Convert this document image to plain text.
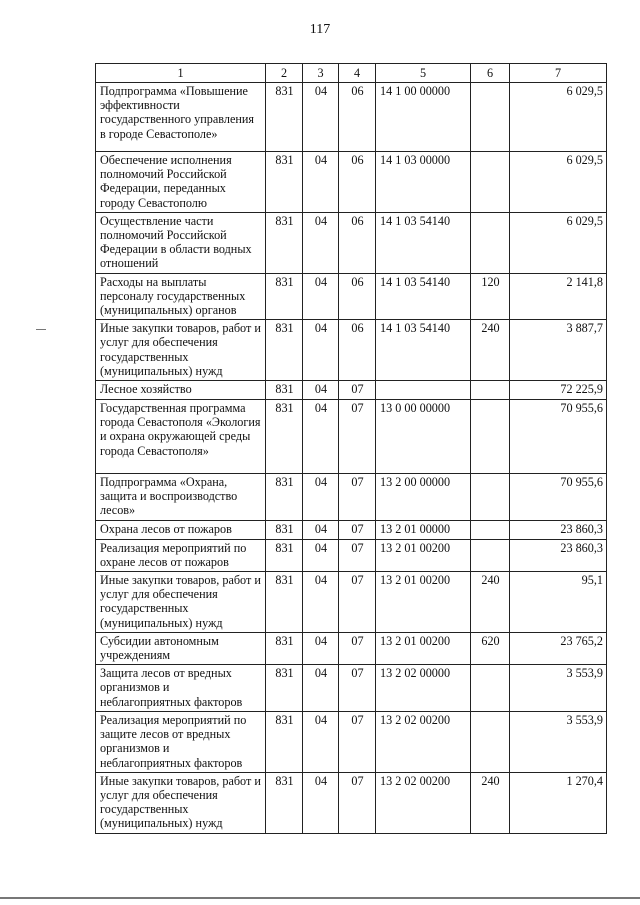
117
1	2	3	4	5	6	7
Подпрограмма «Повышение эффективности государственного управления в городе Севастополе»	831	04	06	14 1 00 00000		6 029,5
Обеспечение исполнения полномочий Российской Федерации, переданных городу Севастополю	831	04	06	14 1 03 00000		6 029,5
Осуществление части полномочий Российской Федерации в области водных отношений	831	04	06	14 1 03 54140		6 029,5
Расходы на выплаты персоналу государственных (муниципальных) органов	831	04	06	14 1 03 54140	120	2 141,8
Иные закупки товаров, работ и услуг для обеспечения государственных (муниципальных) нужд	831	04	06	14 1 03 54140	240	3 887,7
Лесное хозяйство	831	04	07			72 225,9
Государственная программа города Севастополя «Экология и охрана окружающей среды города Севастополя»	831	04	07	13 0 00 00000		70 955,6
Подпрограмма «Охрана, защита и воспроизводство лесов»	831	04	07	13 2 00 00000		70 955,6
Охрана лесов от пожаров	831	04	07	13 2 01 00000		23 860,3
Реализация мероприятий по охране лесов от пожаров	831	04	07	13 2 01 00200		23 860,3
Иные закупки товаров, работ и услуг для обеспечения государственных (муниципальных) нужд	831	04	07	13 2 01 00200	240	95,1
Субсидии автономным учреждениям	831	04	07	13 2 01 00200	620	23 765,2
Защита лесов от вредных организмов и неблагоприятных факторов	831	04	07	13 2 02 00000		3 553,9
Реализация мероприятий по защите лесов от вредных организмов и неблагоприятных факторов	831	04	07	13 2 02 00200		3 553,9
Иные закупки товаров, работ и услуг для обеспечения государственных (муниципальных) нужд	831	04	07	13 2 02 00200	240	1 270,4
